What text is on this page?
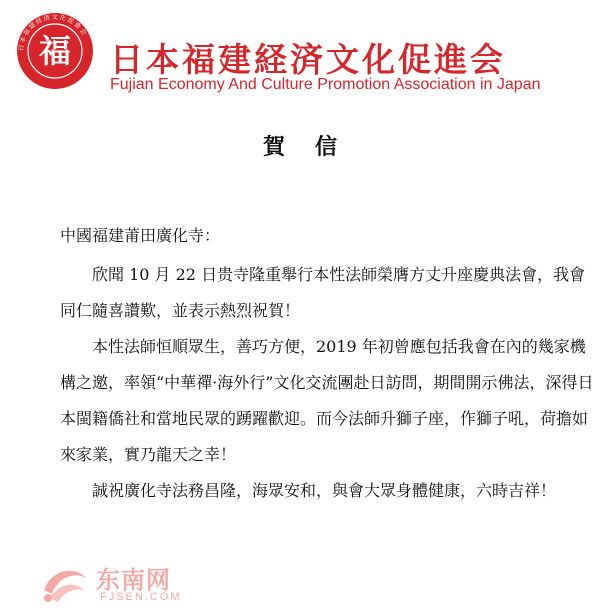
日本福建経済文化促進会
福 日本福建経済文化促進会
Fujian Economy And Culture Promotion Association in Japan
賀信

中國福建莆田廣化寺：

欣聞 10 月 22 日贵寺隆重舉行本性法師榮膺方丈升座慶典法會，我會同仁隨喜讚歎，並表示熱烈祝賀！

本性法師恒順眾生，善巧方便，2019 年初曾應包括我會在內的幾家機構之邀，率領“中華禪·海外行”文化交流團赴日訪問，期間開示佛法，深得日本閩籍僑社和當地民眾的踴躍歡迎。而今法師升獅子座，作獅子吼，荷擔如來家業，實乃龍天之幸！

誠祝廣化寺法務昌隆，海眾安和，與會大眾身體健康，六時吉祥！

东南网
FJSEN.COM
